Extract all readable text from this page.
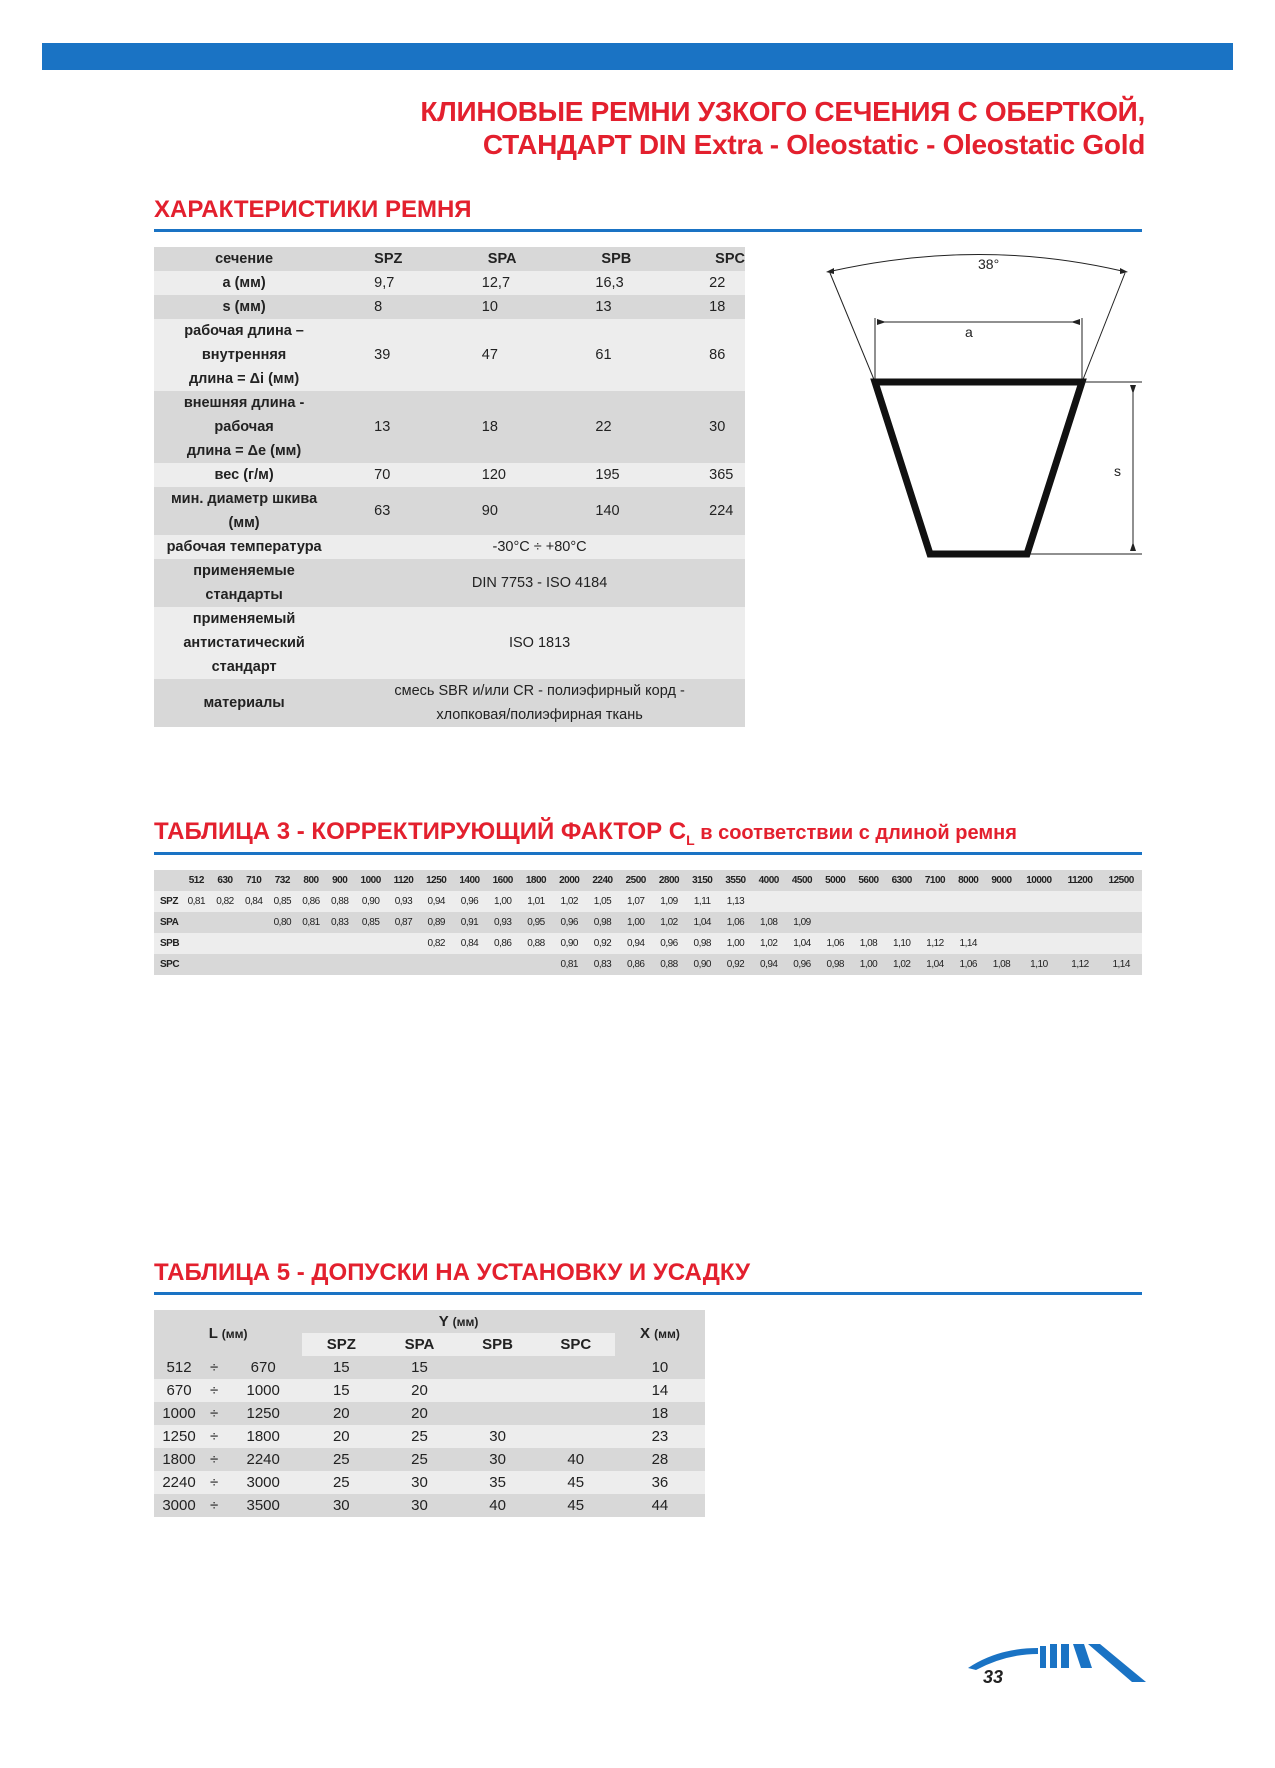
КЛИНОВЫЕ РЕМНИ УЗКОГО СЕЧЕНИЯ С ОБЕРТКОЙ,
СТАНДАРТ DIN Extra - Oleostatic - Oleostatic Gold
ХАРАКТЕРИСТИКИ РЕМНЯ
сечение	SPZ	SPA	SPB	SPC
a (мм)	9,7	12,7	16,3	22
s (мм)	8	10	13	18

рабочая длина –
внутренняя
длина = Δi (мм)	39	47	61	86

внешняя длина -
рабочая
длина = Δe (мм)	13	18	22	30
вес (г/м)	70	120	195	365

мин. диаметр шкива
(мм)	63	90	140	224
рабочая температура	-30°C ÷ +80°C			

применяемые
стандарты	DIN 7753 - ISO 4184			

применяемый
антистатический
стандарт	ISO 1813			
материалы	смесь SBR и/или CR - полиэфирный корд -
хлопковая/полиэфирная ткань			
38°
a
s
ТАБЛИЦА 3 - КОРРЕКТИРУЮЩИЙ ФАКТОР $C_L$ в соответствии с длиной ремня
	512	630	710	732	800	900	1000	1120	1250	1400	1600	1800	2000	2240	2500	2800	3150	3550	4000	4500	5000	5600	6300	7100	8000	9000	10000	11200	12500
SPZ	0,81	0,82	0,84	0,85	0,86	0,88	0,90	0,93	0,94	0,96	1,00	1,01	1,02	1,05	1,07	1,09	1,11	1,13											
SPA				0,80	0,81	0,83	0,85	0,87	0,89	0,91	0,93	0,95	0,96	0,98	1,00	1,02	1,04	1,06	1,08	1,09									
SPB									0,82	0,84	0,86	0,88	0,90	0,92	0,94	0,96	0,98	1,00	1,02	1,04	1,06	1,08	1,10	1,12	1,14				
SPC													0,81	0,83	0,86	0,88	0,90	0,92	0,94	0,96	0,98	1,00	1,02	1,04	1,06	1,08	1,10	1,12	1,14
ТАБЛИЦА 5 - ДОПУСКИ НА УСТАНОВКУ И УСАДКУ
L (мм)			Y (мм)				X (мм)
			SPZ	SPA	SPB	SPC	
512	÷	670	15	15			10
670	÷	1000	15	20			14
1000	÷	1250	20	20			18
1250	÷	1800	20	25	30		23
1800	÷	2240	25	25	30	40	28
2240	÷	3000	25	30	35	45	36
3000	÷	3500	30	30	40	45	44
33
